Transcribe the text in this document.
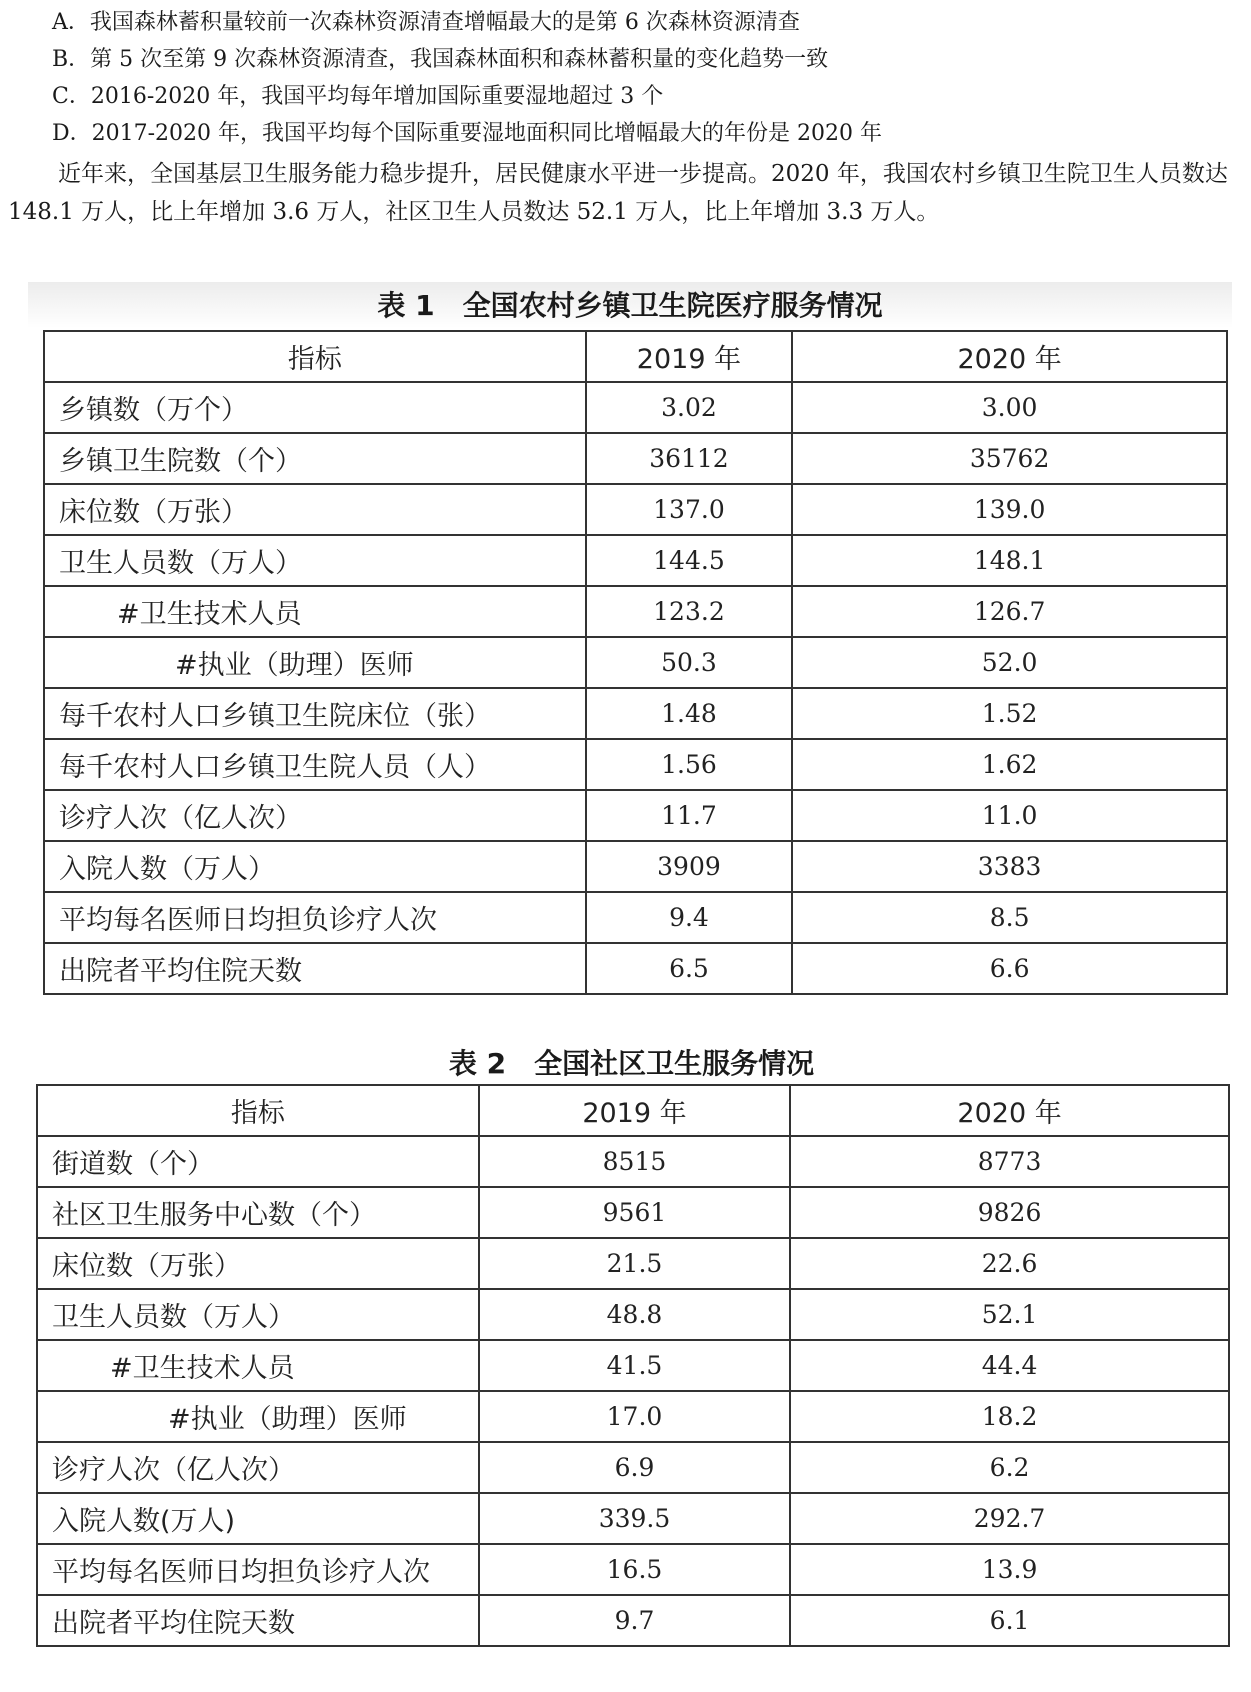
A．我国森林蓄积量较前一次森林资源清查增幅最大的是第 6 次森林资源清查
B．第 5 次至第 9 次森林资源清查，我国森林面积和森林蓄积量的变化趋势一致
C．2016-2020 年，我国平均每年增加国际重要湿地超过 3 个
D．2017-2020 年，我国平均每个国际重要湿地面积同比增幅最大的年份是 2020 年

近年来，全国基层卫生服务能力稳步提升，居民健康水平进一步提高。2020 年，我国农村乡镇卫生院卫生人员数达 148.1 万人，比上年增加 3.6 万人，社区卫生人员数达 52.1 万人，比上年增加 3.3 万人。

表 1　全国农村乡镇卫生院医疗服务情况
指标	2019 年	2020 年
乡镇数（万个）	3.02	3.00
乡镇卫生院数（个）	36112	35762
床位数（万张）	137.0	139.0
卫生人员数（万人）	144.5	148.1
#卫生技术人员	123.2	126.7
#执业（助理）医师	50.3	52.0
每千农村人口乡镇卫生院床位（张）	1.48	1.52
每千农村人口乡镇卫生院人员（人）	1.56	1.62
诊疗人次（亿人次）	11.7	11.0
入院人数（万人）	3909	3383
平均每名医师日均担负诊疗人次	9.4	8.5
出院者平均住院天数	6.5	6.6
表 2　全国社区卫生服务情况
指标	2019 年	2020 年
街道数（个）	8515	8773
社区卫生服务中心数（个）	9561	9826
床位数（万张）	21.5	22.6
卫生人员数（万人）	48.8	52.1
#卫生技术人员	41.5	44.4
#执业（助理）医师	17.0	18.2
诊疗人次（亿人次）	6.9	6.2
入院人数(万人)	339.5	292.7
平均每名医师日均担负诊疗人次	16.5	13.9
出院者平均住院天数	9.7	6.1
